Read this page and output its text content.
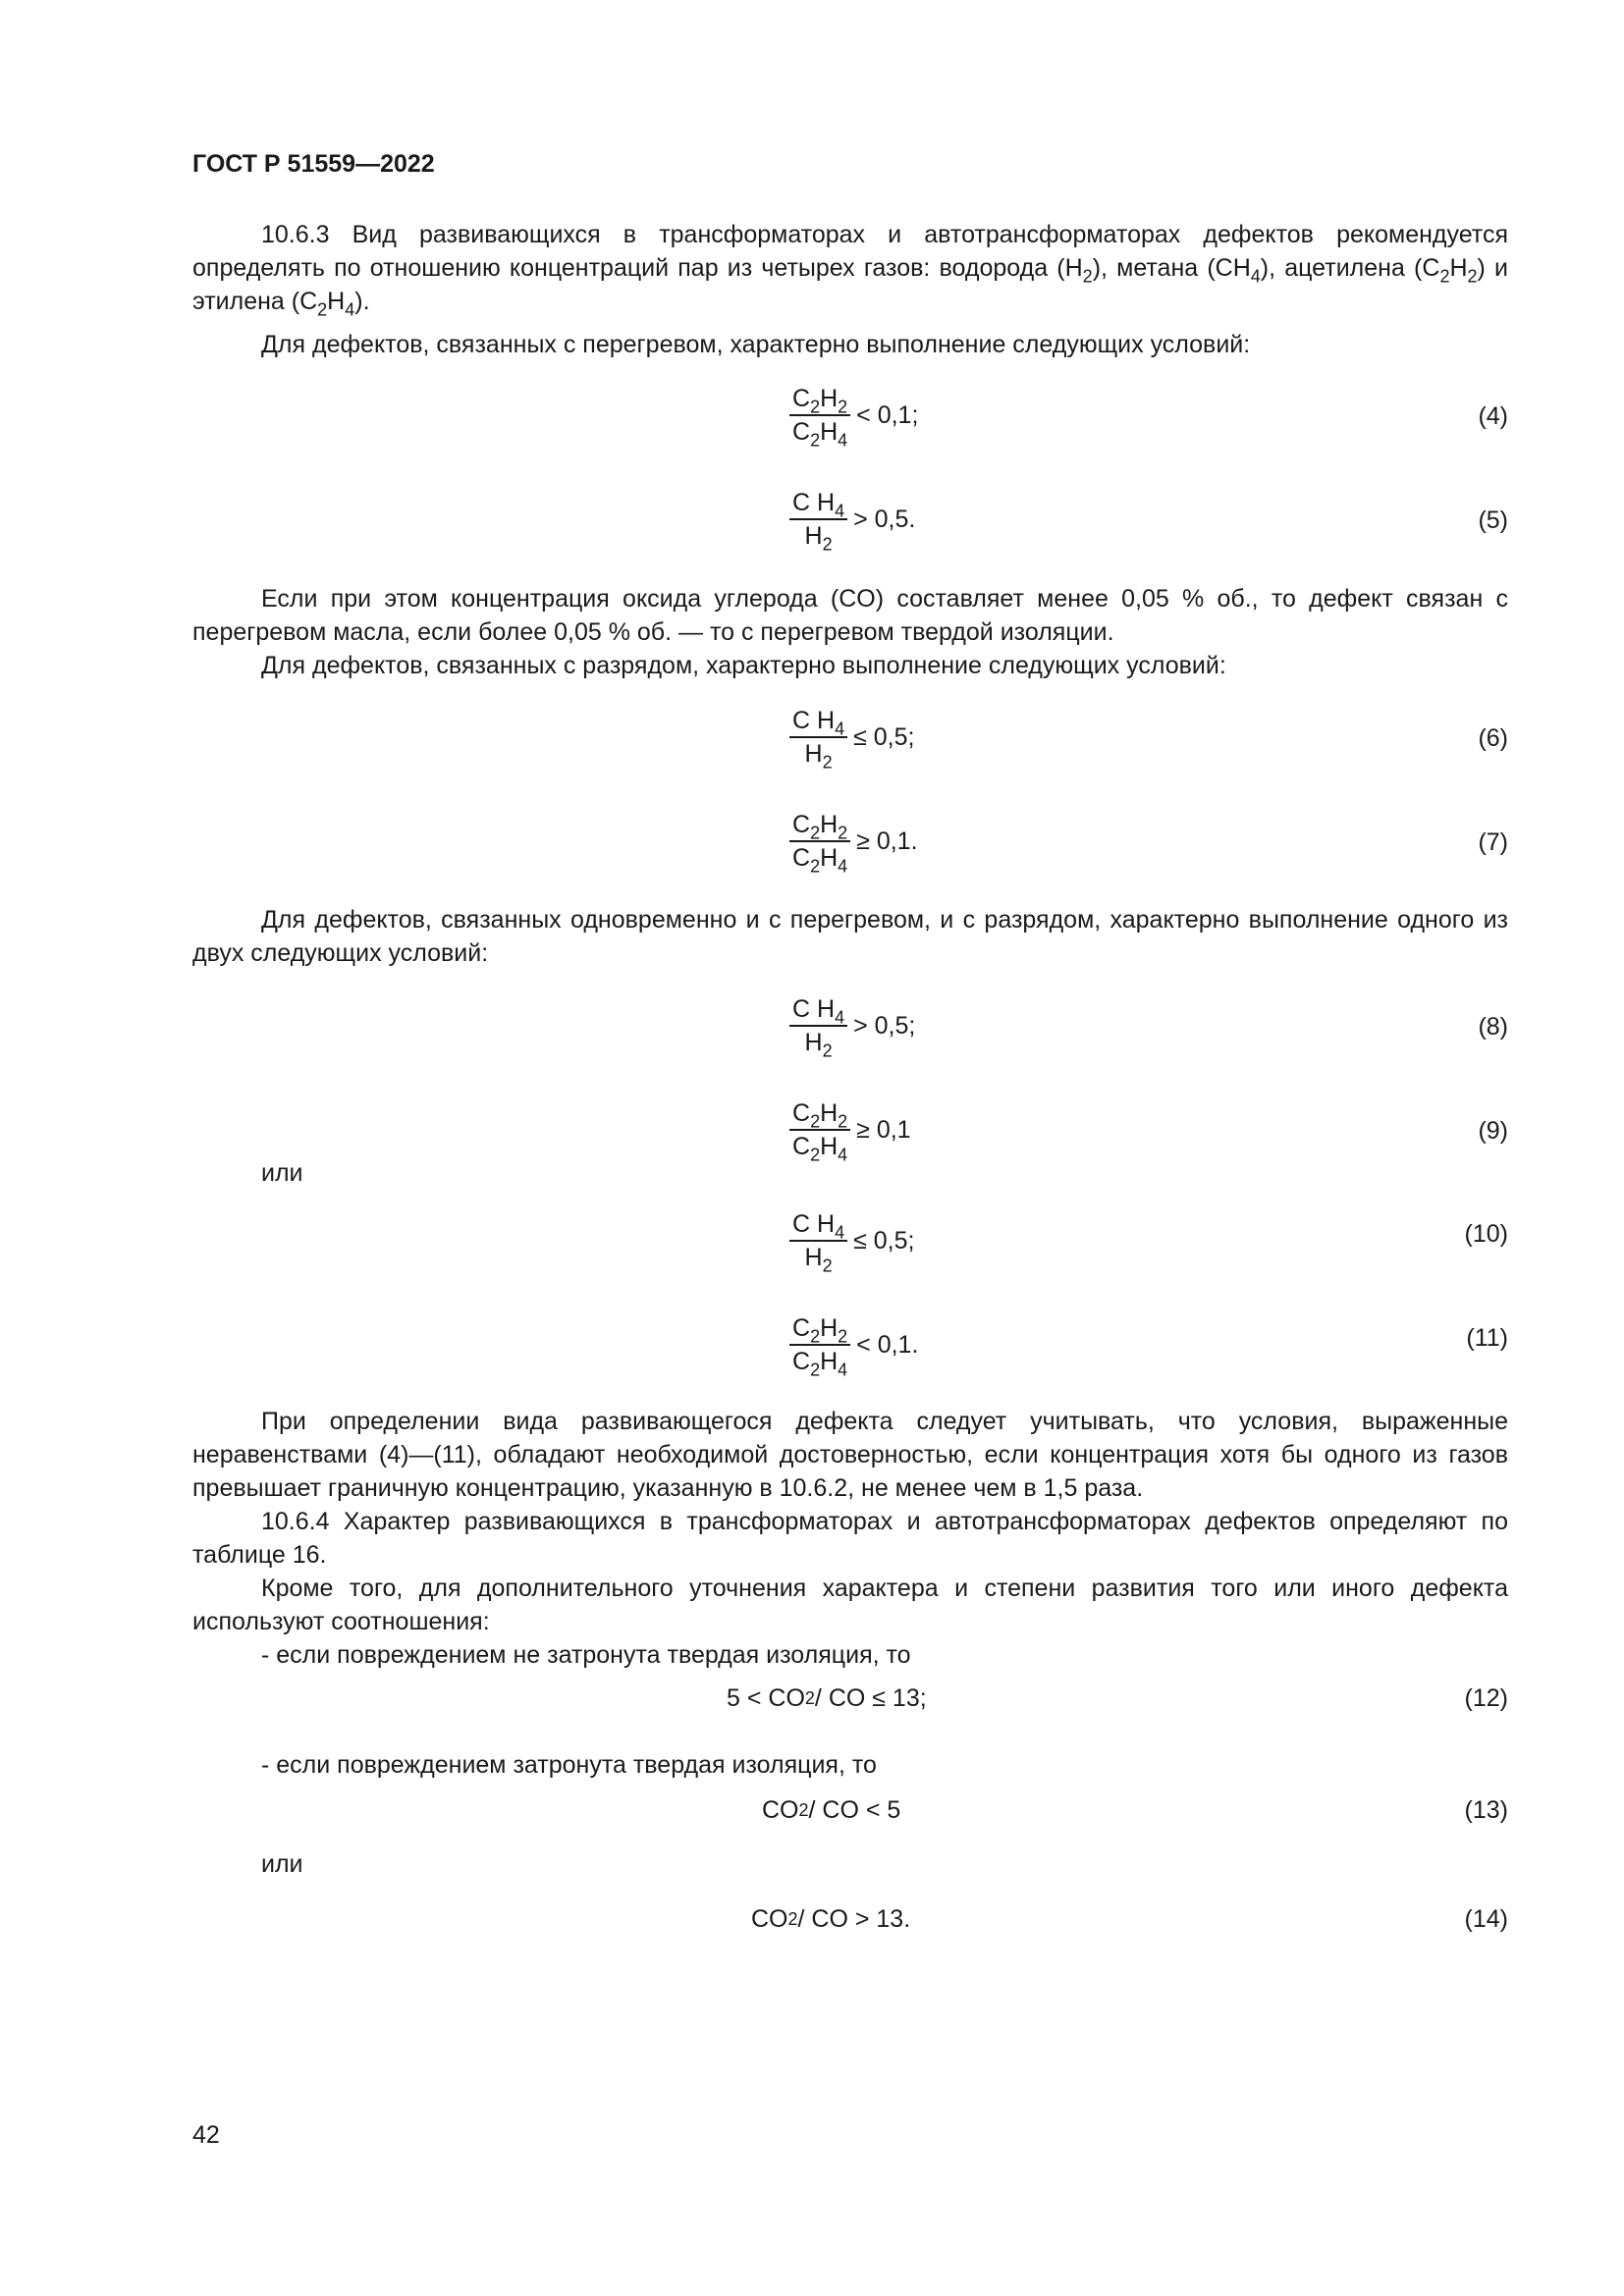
ГОСТ Р 51559—2022

10.6.3 Вид развивающихся в трансформаторах и автотрансформаторах дефектов рекомендуется определять по отношению концентраций пар из четырех газов: водорода $(H_2)$, метана $(CH_4)$, ацетилена $(C_2H_2)$ и этилена $(C_2H_4)$.

Для дефектов, связанных с перегревом, характерно выполнение следующих условий:

$\frac{C_2H_2}{C_2H_4} < 0,1$;	(4)
$\frac{C H_4}{H_2} > 0,5$.	(5)

Если при этом концентрация оксида углерода (CO) составляет менее 0,05 % об., то дефект связан с перегревом масла, если более 0,05 % об. — то с перегревом твердой изоляции.

Для дефектов, связанных с разрядом, характерно выполнение следующих условий:

$\frac{C H_4}{H_2} \le 0,5$;	(6)
$\frac{C_2H_2}{C_2H_4} \ge 0,1$.	(7)

Для дефектов, связанных одновременно и с перегревом, и с разрядом, характерно выполнение одного из двух следующих условий:

$\frac{C H_4}{H_2} > 0,5$;	(8)
$\frac{C_2H_2}{C_2H_4} \ge 0,1$	(9)

или

$\frac{C H_4}{H_2} \le 0,5$;	(10)
$\frac{C_2H_2}{C_2H_4} < 0,1$.	(11)

При определении вида развивающегося дефекта следует учитывать, что условия, выраженные неравенствами (4)—(11), обладают необходимой достоверностью, если концентрация хотя бы одного из газов превышает граничную концентрацию, указанную в 10.6.2, не менее чем в 1,5 раза.

10.6.4 Характер развивающихся в трансформаторах и автотрансформаторах дефектов определяют по таблице 16.

Кроме того, для дополнительного уточнения характера и степени развития того или иного дефекта используют соотношения:

- если повреждением не затронута твердая изоляция, то

5 < CO 2 / CO ≤ 13;	(12)

- если повреждением затронута твердая изоляция, то

CO 2 / CO < 5	(13)

или

CO 2 / CO > 13.	(14)
42
